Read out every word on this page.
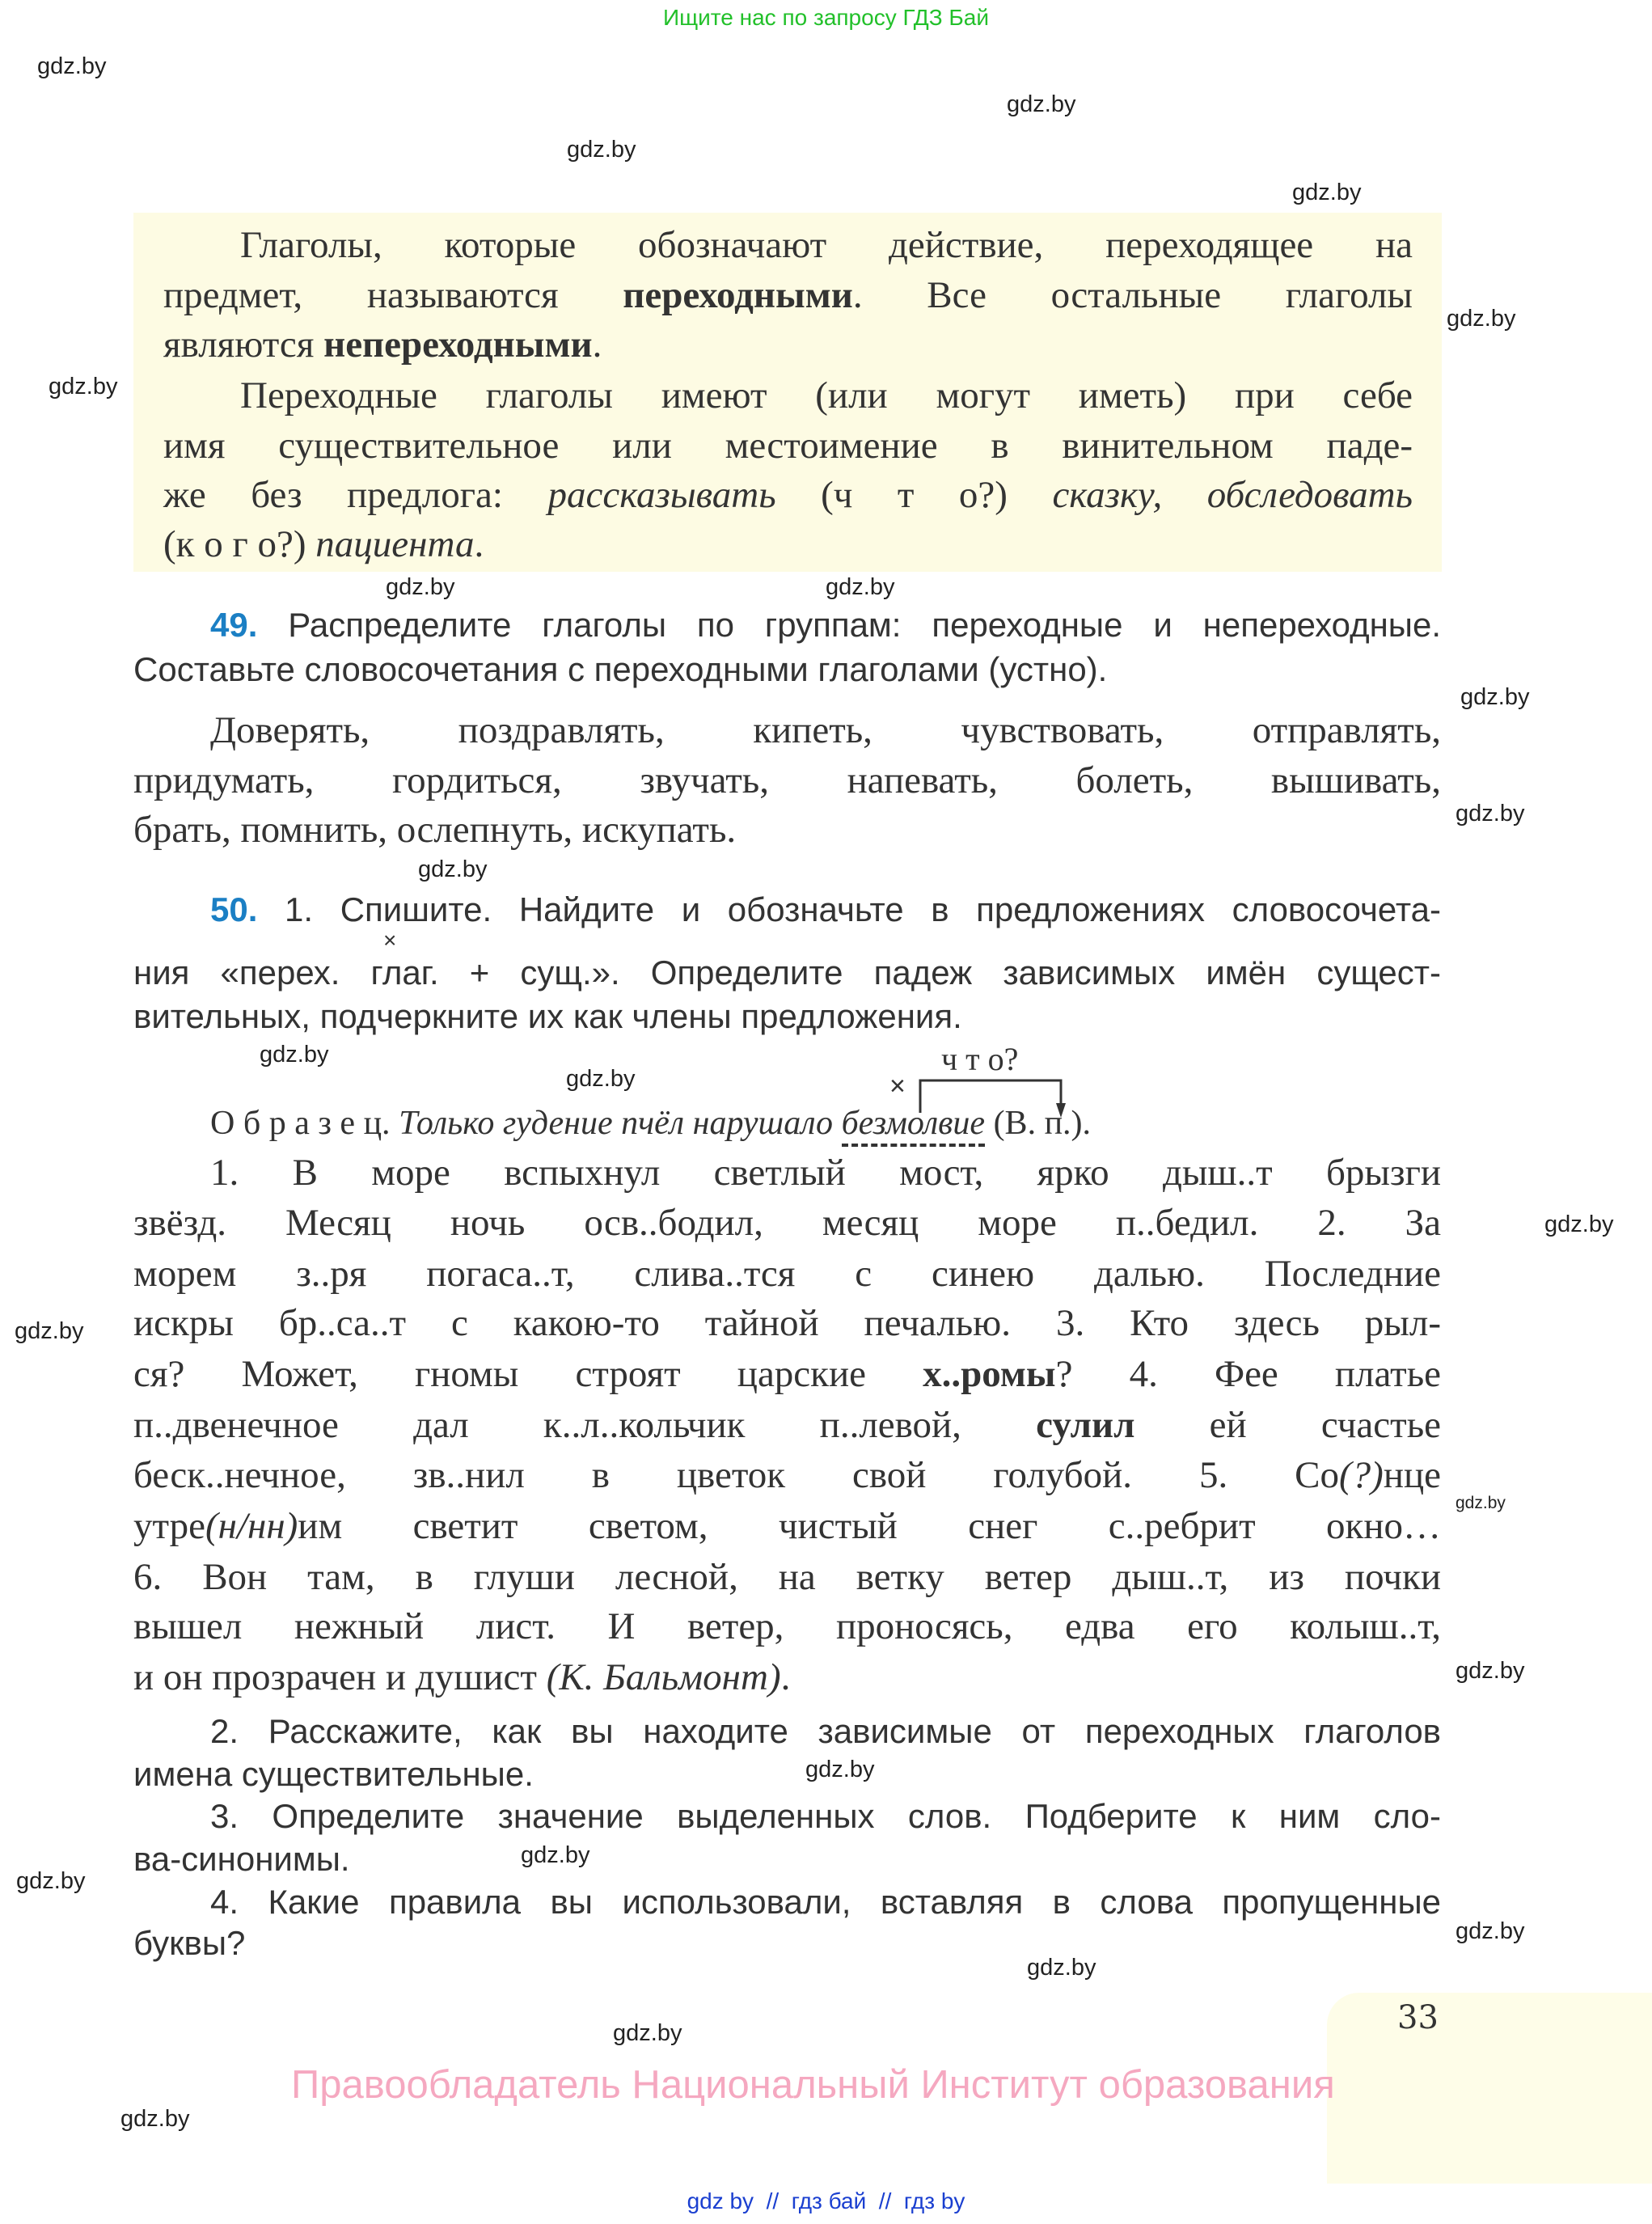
Ищите нас по запросу ГДЗ Бай
Глаголы, которые обозначают действие, переходящее на
предмет, называются переходными. Все остальные глаголы
являются непереходными.
Переходные глаголы имеют (или могут иметь) при себе
имя существительное или местоимение в винительном паде-
же без предлога: рассказывать (ч т о?) сказку, обследовать
(к о г о?) пациента.
49. Распределите глаголы по группам: переходные и непереходные.
Составьте словосочетания с переходными глаголами (устно).
Доверять, поздравлять, кипеть, чувствовать, отправлять,
придумать, гордиться, звучать, напевать, болеть, вышивать,
брать, помнить, ослепнуть, искупать.
50. 1. Спишите. Найдите и обозначьте в предложениях словосочета-
×
ния «перех. глаг. + сущ.». Определите падеж зависимых имён сущест-
вительных, подчеркните их как члены предложения.
ч т о?
×
О б р а з е ц. Только гудение пчёл нарушало безмолвие (В. п.).
1. В море вспыхнул светлый мост, ярко дыш..т брызги
звёзд. Месяц ночь осв..бодил, месяц море п..бедил. 2. За
морем з..ря погаса..т, слива..тся с синею далью. Последние
искры бр..са..т с какою-то тайной печалью. 3. Кто здесь рыл-
ся? Может, гномы строят царские х..ромы? 4. Фее платье
п..двенечное дал к..л..кольчик п..левой, сулил ей счастье
беск..нечное, зв..нил в цветок свой голубой. 5. Со(?)нце
утре(н/нн)им светит светом, чистый снег с..ребрит окно…
6. Вон там, в глуши лесной, на ветку ветер дыш..т, из почки
вышел нежный лист. И ветер, проносясь, едва его колыш..т,
и он прозрачен и душист (К. Бальмонт).
2. Расскажите, как вы находите зависимые от переходных глаголов
имена существительные.
3. Определите значение выделенных слов. Подберите к ним сло-
ва-синонимы.
4. Какие правила вы использовали, вставляя в слова пропущенные
буквы?
33
Правообладатель Национальный Институт образования
gdz by  //  гдз бай  //  гдз by
gdz.by
gdz.by
gdz.by
gdz.by
gdz.by
gdz.by
gdz.by
gdz.by
gdz.by
gdz.by
gdz.by
gdz.by
gdz.by
gdz.by
gdz.by
gdz.by
gdz.by
gdz.by
gdz.by
gdz.by
gdz.by
gdz.by
gdz.by
gdz.by
